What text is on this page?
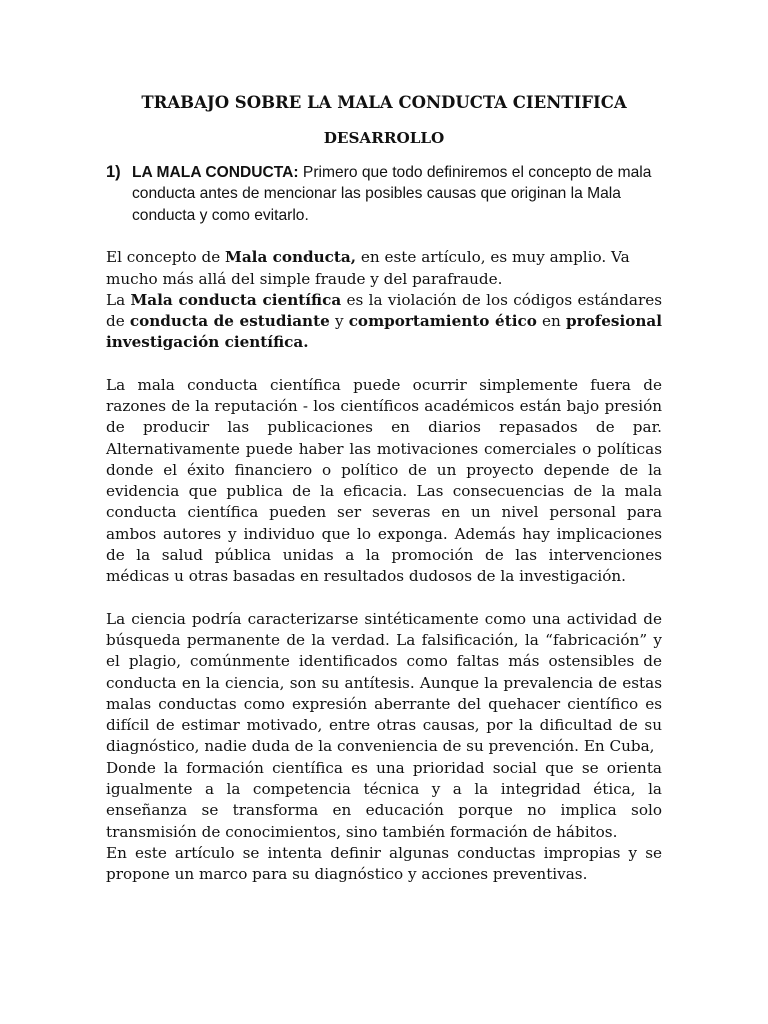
TRABAJO SOBRE LA MALA CONDUCTA CIENTIFICA
DESARROLLO
1) LA MALA CONDUCTA: Primero que todo definiremos el concepto de mala conducta antes de mencionar las posibles causas que originan la Mala conducta y como evitarlo.

El concepto de Mala conducta, en este artículo, es muy amplio. Va mucho más allá del simple fraude y del parafraude.

La Mala conducta científica es la violación de los códigos estándares de conducta de estudiante y comportamiento ético en profesional investigación científica.

La mala conducta científica puede ocurrir simplemente fuera de razones de la reputación - los científicos académicos están bajo presión de producir las publicaciones en diarios repasados de par. Alternativamente puede haber las motivaciones comerciales o políticas donde el éxito financiero o político de un proyecto depende de la evidencia que publica de la eficacia. Las consecuencias de la mala conducta científica pueden ser severas en un nivel personal para ambos autores y individuo que lo exponga. Además hay implicaciones de la salud pública unidas a la promoción de las intervenciones médicas u otras basadas en resultados dudosos de la investigación.

La ciencia podría caracterizarse sintéticamente como una actividad de búsqueda permanente de la verdad. La falsificación, la “fabricación” y el plagio, comúnmente identificados como faltas más ostensibles de conducta en la ciencia, son su antítesis. Aunque la prevalencia de estas malas conductas como expresión aberrante del quehacer científico es difícil de estimar motivado, entre otras causas, por la dificultad de su diagnóstico, nadie duda de la conveniencia de su prevención. En Cuba,

Donde la formación científica es una prioridad social que se orienta igualmente a la competencia técnica y a la integridad ética, la enseñanza se transforma en educación porque no implica solo transmisión de conocimientos, sino también formación de hábitos.

En este artículo se intenta definir algunas conductas impropias y se propone un marco para su diagnóstico y acciones preventivas.
